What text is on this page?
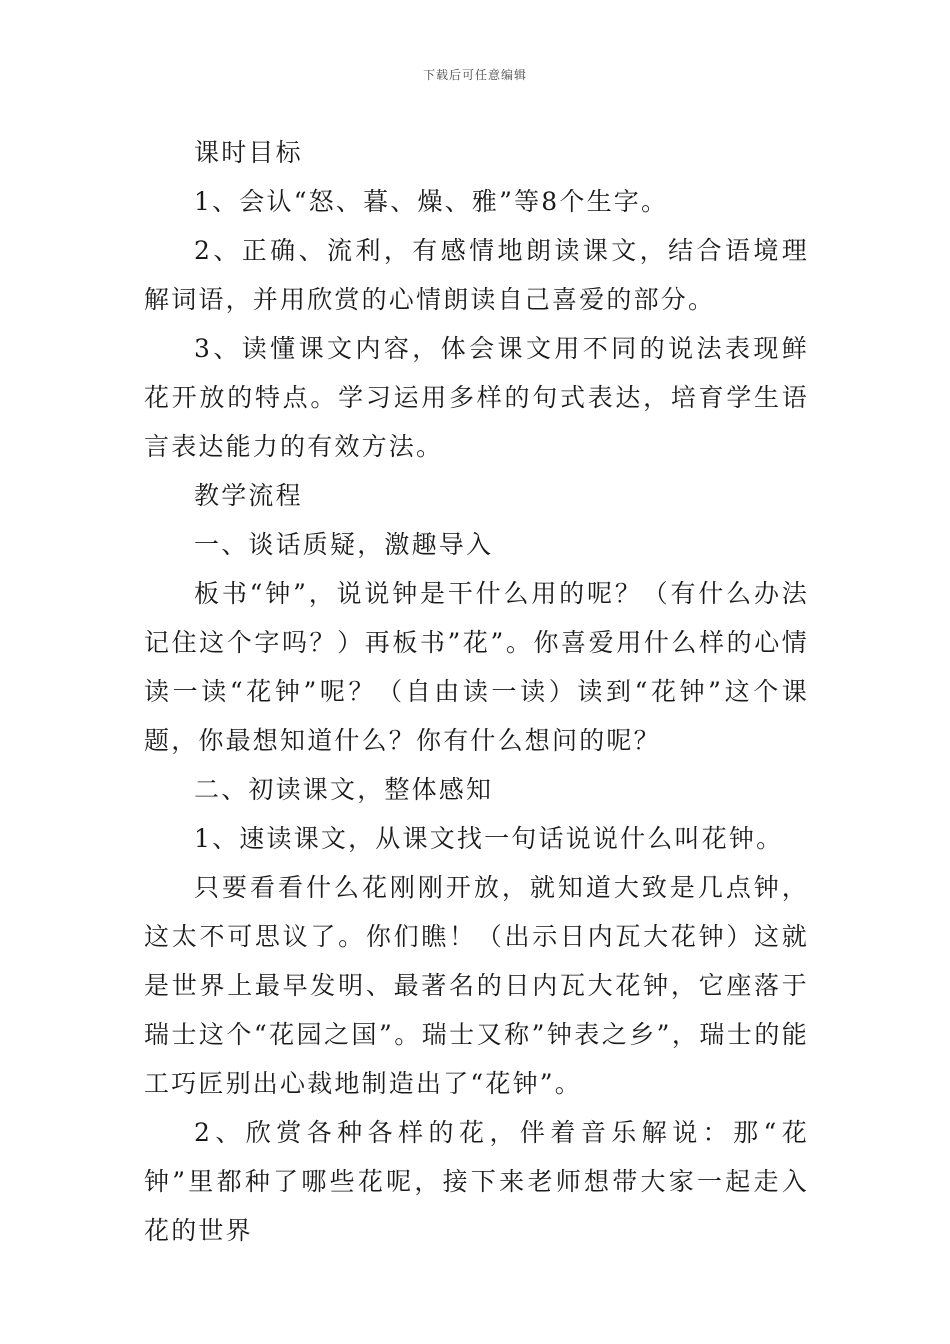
下载后可任意编辑

课时目标

1、会认“怒、暮、燥、雅”等8个生字。

2、正确、流利，有感情地朗读课文，结合语境理解词语，并用欣赏的心情朗读自己喜爱的部分。

3、读懂课文内容，体会课文用不同的说法表现鲜花开放的特点。学习运用多样的句式表达，培育学生语言表达能力的有效方法。

教学流程

一、谈话质疑，激趣导入

板书“钟”，说说钟是干什么用的呢？（有什么办法记住这个字吗？）再板书”花”。你喜爱用什么样的心情读一读“花钟”呢？（自由读一读）读到“花钟”这个课题，你最想知道什么？你有什么想问的呢？

二、初读课文，整体感知

1、速读课文，从课文找一句话说说什么叫花钟。

只要看看什么花刚刚开放，就知道大致是几点钟，这太不可思议了。你们瞧！（出示日内瓦大花钟）这就是世界上最早发明、最著名的日内瓦大花钟，它座落于瑞士这个“花园之国”。瑞士又称”钟表之乡”，瑞士的能工巧匠别出心裁地制造出了“花钟”。

2、欣赏各种各样的花，伴着音乐解说：那“花钟”里都种了哪些花呢，接下来老师想带大家一起走入花的世界
